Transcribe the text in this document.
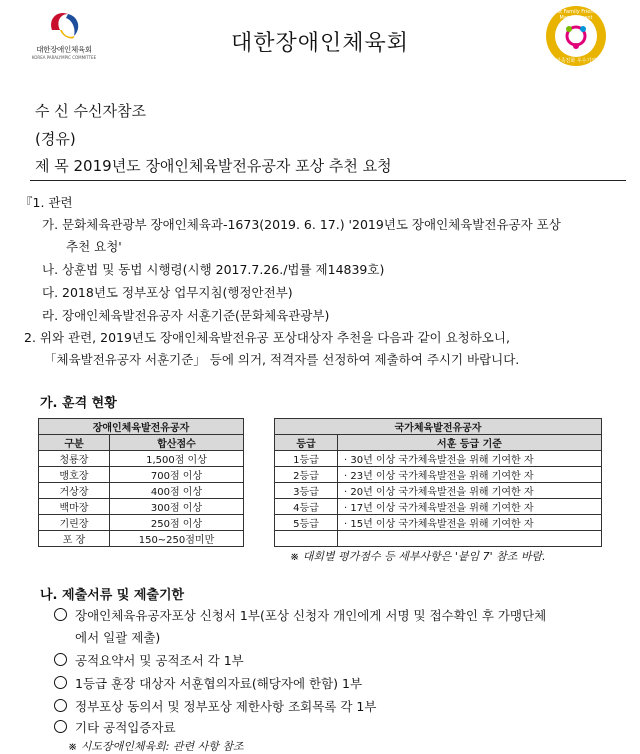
대한장애인체육회
KOREA PARALYMPIC COMMITTEE
대한장애인체육회
Best Family Friendly Management
가족친화 우수기업
수 신 수신자참조
(경유)
제 목 2019년도 장애인체육발전유공자 포상 추천 요청
『1. 관련
가. 문화체육관광부 장애인체육과-1673(2019. 6. 17.) '2019년도 장애인체육발전유공자 포상
추천 요청'
나. 상훈법 및 동법 시행령(시행 2017.7.26./법률 제14839호)
다. 2018년도 정부포상 업무지침(행정안전부)
라. 장애인체육발전유공자 서훈기준(문화체육관광부)
2. 위와 관련, 2019년도 장애인체육발전유공 포상대상자 추천을 다음과 같이 요청하오니,
「체육발전유공자 서훈기준」 등에 의거, 적격자를 선정하여 제출하여 주시기 바랍니다.
가. 훈격 현황
장애인체육발전유공자	
구분	합산점수
청룡장	1,500점 이상
맹호장	700점 이상
거상장	400점 이상
백마장	300점 이상
기린장	250점 이상
포 장	150~250점미만
국가체육발전유공자	
등급	서훈 등급 기준
1등급	· 30년 이상 국가체육발전을 위해 기여한 자
2등급	· 23년 이상 국가체육발전을 위해 기여한 자
3등급	· 20년 이상 국가체육발전을 위해 기여한 자
4등급	· 17년 이상 국가체육발전을 위해 기여한 자
5등급	· 15년 이상 국가체육발전을 위해 기여한 자

※ 대회별 평가점수 등 세부사항은 '붙임 7' 참조 바람.
나. 제출서류 및 제출기한
장애인체육유공자포상 신청서 1부(포상 신청자 개인에게 서명 및 접수확인 후 가맹단체
에서 일괄 제출)
공적요약서 및 공적조서 각 1부
1등급 훈장 대상자 서훈협의자료(해당자에 한함) 1부
정부포상 동의서 및 정부포상 제한사항 조회목록 각 1부
기타 공적입증자료
※ 시도장애인체육회: 관련 사항 참조
